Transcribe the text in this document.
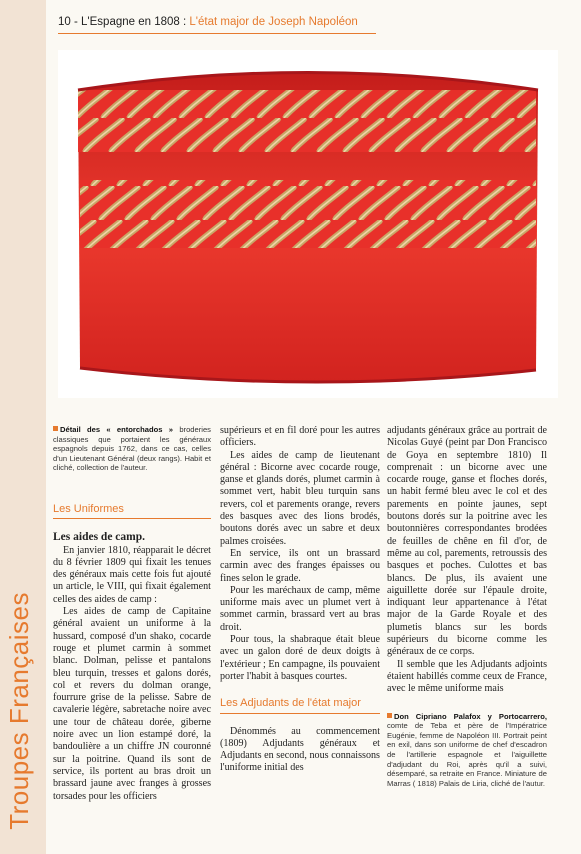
Troupes Françaises
10 - L'Espagne en 1808 : L'état major de Joseph Napoléon

Détail des « entorchados » broderies classiques que portaient les généraux espagnols depuis 1762, dans ce cas, celles d'un Lieutenant Général (deux rangs). Habit et cliché, collection de l'auteur.

Les Uniformes
Les aides de camp.

En janvier 1810, réapparait le décret du 8 février 1809 qui fixait les tenues des généraux mais cette fois fut ajouté un article, le VIII, qui fixait également celles des aides de camp :

Les aides de camp de Capitaine général avaient un uniforme à la hussard, composé d'un shako, cocarde rouge et plumet carmin à sommet blanc. Dolman, pelisse et pantalons bleu turquin, tresses et galons dorés, col et revers du dolman orange, fourrure grise de la pelisse. Sabre de cavalerie légère, sabretache noire avec une tour de château dorée, giberne noire avec un lion estampé doré, la bandoulière a un chiffre JN couronné sur la poitrine. Quand ils sont de service, ils portent au bras droit un brassard jaune avec franges à grosses torsades pour les officiers

supérieurs et en fil doré pour les autres officiers.

Les aides de camp de lieutenant général : Bicorne avec cocarde rouge, ganse et glands dorés, plumet carmin à sommet vert, habit bleu turquin sans revers, col et parements orange, revers des basques avec des lions brodés, boutons dorés avec un sabre et deux palmes croisées.

En service, ils ont un brassard carmin avec des franges épaisses ou fines selon le grade.

Pour les maréchaux de camp, même uniforme mais avec un plumet vert à sommet carmin, brassard vert au bras droit.

Pour tous, la shabraque était bleue avec un galon doré de deux doigts à l'extérieur ; En campagne, ils pouvaient porter l'habit à basques courtes.

Les Adjudants de l'état major

Dénommés au commencement (1809) Adjudants généraux et Adjudants en second, nous connaissons l'uniforme initial des

adjudants généraux grâce au portrait de Nicolas Guyé (peint par Don Francisco de Goya en septembre 1810) Il comprenait : un bicorne avec une cocarde rouge, ganse et floches dorés, un habit fermé bleu avec le col et des parements en pointe jaunes, sept boutons dorés sur la poitrine avec les boutonnières correspondantes brodées de feuilles de chêne en fil d'or, de même au col, parements, retroussis des basques et poches. Culottes et bas blancs. De plus, ils avaient une aiguillette dorée sur l'épaule droite, indiquant leur appartenance à l'état major de la Garde Royale et des plumetis blancs sur les bords supérieurs du bicorne comme les généraux de ce corps.

Il semble que les Adjudants adjoints étaient habillés comme ceux de France, avec le même uniforme mais

Don Cipriano Palafox y Portocarrero, comte de Teba et père de l'Impératrice Eugénie, femme de Napoléon III. Portrait peint en exil, dans son uniforme de chef d'escadron de l'artillerie espagnole et l'aiguillette d'adjudant du Roi, après qu'il a suivi, désemparé, sa retraite en France. Miniature de Marras ( 1818) Palais de Liria, cliché de l'autur.
